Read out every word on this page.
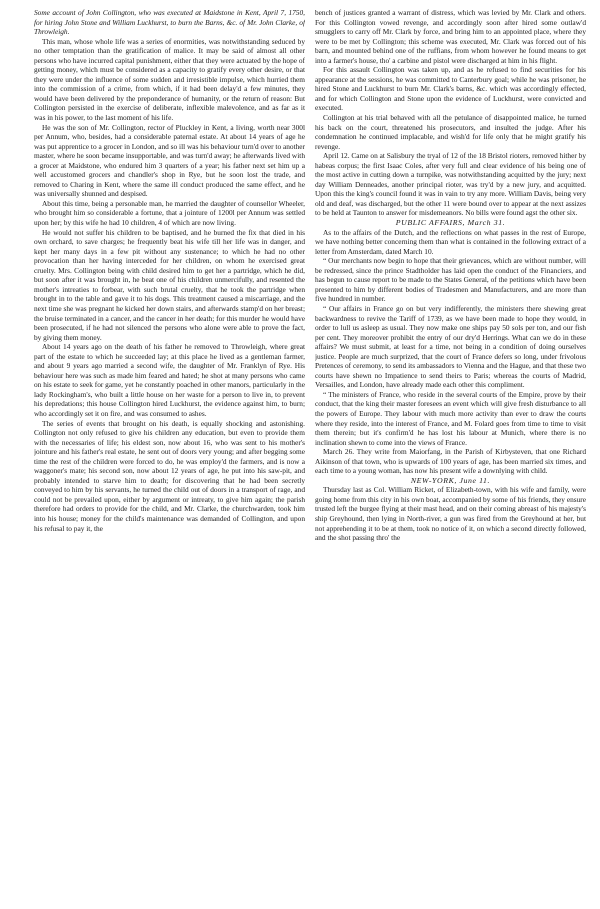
Some account of John Collington, who was executed at Maidstone in Kent, April 7, 1750, for hiring John Stone and William Luckhurst, to burn the Barns, &c. of Mr. John Clarke, of Throwleigh.

This man, whose whole life was a series of enormities, was notwithstanding seduced by no other temptation than the gratification of malice. It may be said of almost all other persons who have incurred capital punishment, either that they were actuated by the hope of getting money, which must be considered as a capacity to gratify every other desire, or that they were under the influence of some sudden and irresistible impulse, which hurried them into the commission of a crime, from which, if it had been delay'd a few minutes, they would have been delivered by the preponderance of humanity, or the return of reason: But Collington persisted in the exercise of deliberate, inflexible malevolence, and as far as it was in his power, to the last moment of his life.

He was the son of Mr. Collington, rector of Pluckley in Kent, a living, worth near 300l per Annum, who, besides, had a considerable paternal estate. At about 14 years of age he was put apprentice to a grocer in London, and so ill was his behaviour turn'd over to another master, where he soon became insupportable, and was turn'd away; he afterwards lived with a grocer at Maidstone, who endured him 3 quarters of a year; his father next set him up a well accustomed grocers and chandler's shop in Rye, but he soon lost the trade, and removed to Charing in Kent, where the same ill conduct produced the same effect, and he was universally shunned and despised.

About this time, being a personable man, he married the daughter of counsellor Wheeler, who brought him so considerable a fortune, that a jointure of 1200l per Annum was settled upon her; by this wife he had 10 children, 4 of which are now living.

He would not suffer his children to be baptised, and he burned the fix that died in his own orchard, to save charges; he frequently beat his wife till her life was in danger, and kept her many days in a few pit without any sustenance; to which he had no other provocation than her having interceded for her children, on whom he exercised great cruelty. Mrs. Collington being with child desired him to get her a partridge, which he did, but soon after it was brought in, he beat one of his children unmercifully, and resented the mother's intreaties to forbear, with such brutal cruelty, that he took the partridge when brought in to the table and gave it to his dogs. This treatment caused a miscarriage, and the next time she was pregnant he kicked her down stairs, and afterwards stamp'd on her breast; the bruise terminated in a cancer, and the cancer in her death; for this murder he would have been prosecuted, if he had not silenced the persons who alone were able to prove the fact, by giving them money.

About 14 years ago on the death of his father he removed to Throwleigh, where great part of the estate to which he succeeded lay; at this place he lived as a gentleman farmer, and about 9 years ago married a second wife, the daughter of Mr. Franklyn of Rye. His behaviour here was such as made him feared and hated; he shot at many persons who came on his estate to seek for game, yet he constantly poached in other manors, particularly in the lady Rockingham's, who built a little house on her waste for a person to live in, to prevent his depredations; this house Collington hired Luckhurst, the evidence against him, to burn; who accordingly set it on fire, and was consumed to ashes.

The series of events that brought on his death, is equally shocking and astonishing. Collington not only refused to give his children any education, but even to provide them with the necessaries of life; his eldest son, now about 16, who was sent to his mother's jointure and his father's real estate, he sent out of doors very young; and after begging some time the rest of the children were forced to do, he was employ'd the farmers, and is now a waggoner's mate; his second son, now about 12 years of age, he put into his saw-pit, and probably intended to starve him to death; for discovering that he had been secretly conveyed to him by his servants, he turned the child out of doors in a transport of rage, and could not be prevailed upon, either by argument or intreaty, to give him again; the parish therefore had orders to provide for the child, and Mr. Clarke, the churchwarden, took him into his house; money for the child's maintenance was demanded of Collington, and upon his refusal to pay it, the

bench of justices granted a warrant of distress, which was levied by Mr. Clark and others. For this Collington vowed revenge, and accordingly soon after hired some outlaw'd smugglers to carry off Mr. Clark by force, and bring him to an appointed place, where they were to be met by Collington; this scheme was executed, Mr. Clark was forced out of his barn, and mounted behind one of the ruffians, from whom however he found means to get into a farmer's house, tho' a carbine and pistol were discharged at him in his flight.

For this assault Collington was taken up, and as he refused to find securities for his appearance at the sessions, he was committed to Canterbury goal; while he was prisoner, he hired Stone and Luckhurst to burn Mr. Clark's barns, &c. which was accordingly effected, and for which Collington and Stone upon the evidence of Luckhurst, were convicted and executed.

Collington at his trial behaved with all the petulance of disappointed malice, he turned his back on the court, threatened his prosecutors, and insulted the judge. After his condemnation he continued implacable, and wish'd for life only that he might gratify his revenge.

April 12. Came on at Salisbury the tryal of 12 of the 18 Bristol rioters, removed hither by habeas corpus; the first Isaac Coles, after very full and clear evidence of his being one of the most active in cutting down a turnpike, was notwithstanding acquitted by the jury; next day William Denneades, another principal rioter, was try'd by a new jury, and acquitted. Upon this the king's council found it was in vain to try any more. William Davis, being very old and deaf, was discharged, but the other 11 were bound over to appear at the next assizes to be held at Taunton to answer for misdemeanors. No bills were found agst the other six.

PUBLIC AFFAIRS, March 31.

As to the affairs of the Dutch, and the reflections on what passes in the rest of Europe, we have nothing better concerning them than what is contained in the following extract of a letter from Amsterdam, dated March 10.

“ Our merchants now begin to hope that their grievances, which are without number, will be redressed, since the prince Stadtholder has laid open the conduct of the Financiers, and has begun to cause report to be made to the States General, of the petitions which have been presented to him by different bodies of Tradesmen and Manufacturers, and are more than five hundred in number.

“ Our affairs in France go on but very indifferently, the ministers there shewing great backwardness to revive the Tariff of 1739, as we have been made to hope they would, in order to lull us asleep as usual. They now make one ships pay 50 sols per ton, and our fish per cent. They moreover prohibit the entry of our dry'd Herrings. What can we do in these affairs? We must submit, at least for a time, not being in a condition of doing ourselves justice. People are much surprized, that the court of France defers so long, under frivolous Pretences of ceremony, to send its ambassadors to Vienna and the Hague, and that these two courts have shewn no Impatience to send theirs to Paris; whereas the courts of Madrid, Versailles, and London, have already made each other this compliment.

“ The ministers of France, who reside in the several courts of the Empire, prove by their conduct, that the king their master foresees an event which will give fresh disturbance to all the powers of Europe. They labour with much more activity than ever to draw the courts where they reside, into the interest of France, and M. Folard goes from time to time to visit them therein; but it's confirm'd he has lost his labour at Munich, where there is no inclination shewn to come into the views of France.

March 26. They write from Maiorfang, in the Parish of Kirbysteven, that one Richard Aikinson of that town, who is upwards of 100 years of age, has been married six times, and each time to a young woman, has now his present wife a downlying with child.

NEW-YORK, June 11.

Thursday last as Col. William Ricket, of Elizabeth-town, with his wife and family, were going home from this city in his own boat, accompanied by some of his friends, they ensure trusted left the burgee flying at their mast head, and on their coming abreast of his majesty's ship Greyhound, then lying in North-river, a gun was fired from the Greyhound at her, but not apprehending it to be at them, took no notice of it, on which a second directly followed, and the shot passing thro' the
